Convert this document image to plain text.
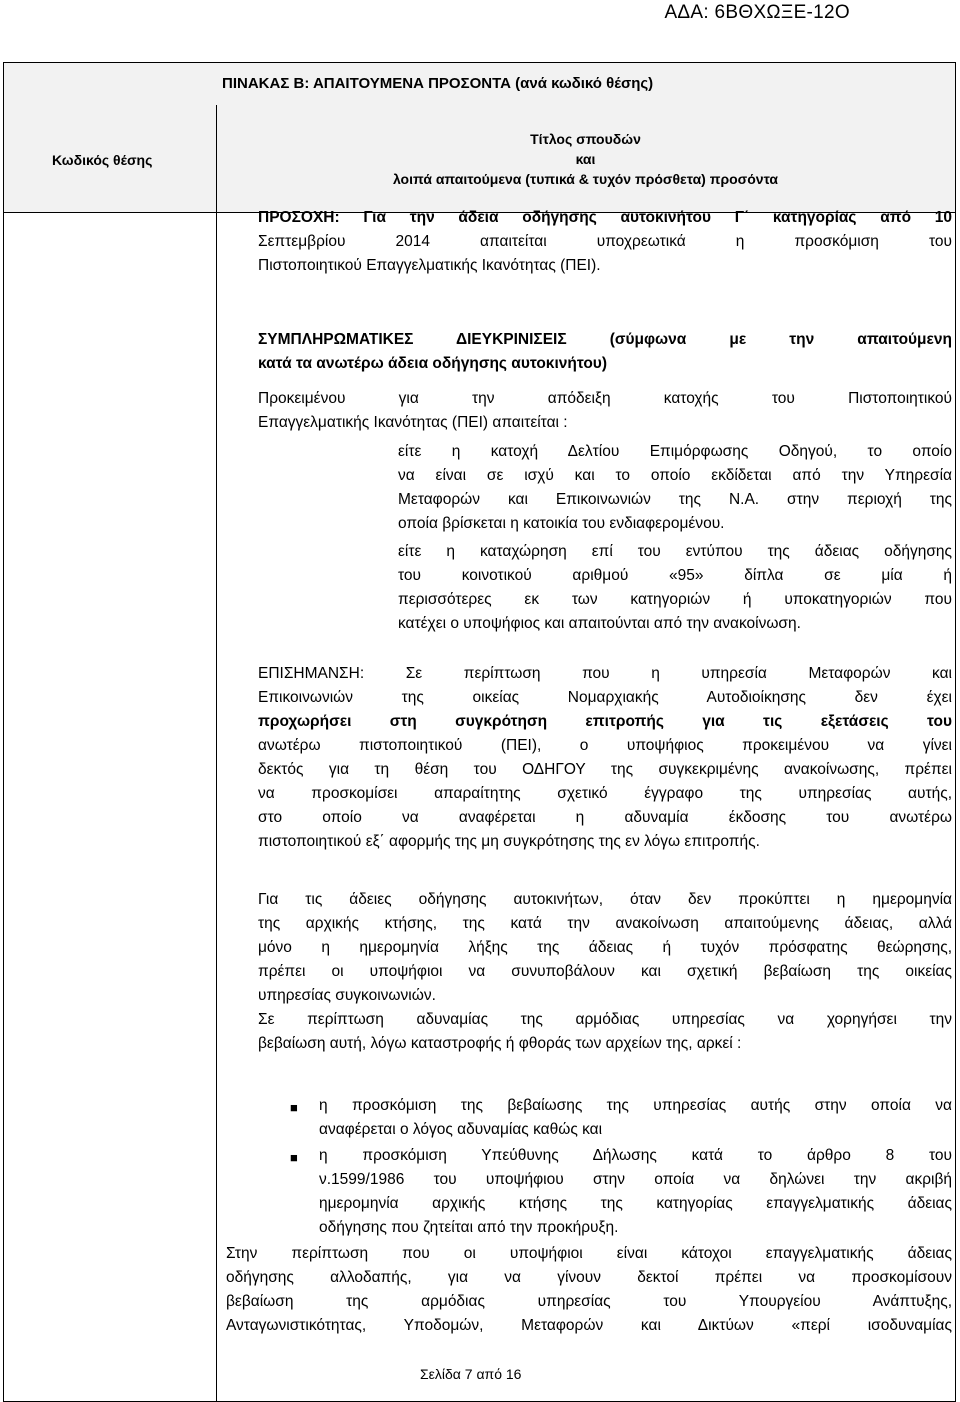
ΑΔΑ: 6ΒΘΧΩΞΕ-12Ο
ΠΙΝΑΚΑΣ Β: ΑΠΑΙΤΟΥΜΕΝΑ ΠΡΟΣΟΝΤΑ (ανά κωδικό θέσης)
Κωδικός θέσης
Τίτλος σπουδών
και
λοιπά απαιτούμενα (τυπικά & τυχόν πρόσθετα) προσόντα

ΠΡΟΣΟΧΗ: Για την άδεια οδήγησης αυτοκινήτου Γ΄ κατηγορίας από 10

Σεπτεμβρίου 2014 απαιτείται υποχρεωτικά η προσκόμιση του

Πιστοποιητικού Επαγγελματικής Ικανότητας (ΠΕΙ).

ΣΥΜΠΛΗΡΩΜΑΤΙΚΕΣ ΔΙΕΥΚΡΙΝΙΣΕΙΣ (σύμφωνα με την απαιτούμενη

κατά τα ανωτέρω άδεια οδήγησης αυτοκινήτου)

Προκειμένου για την απόδειξη κατοχής του Πιστοποιητικού

Επαγγελματικής Ικανότητας (ΠΕΙ) απαιτείται :

είτε η κατοχή Δελτίου Επιμόρφωσης Οδηγού, το οποίο

να είναι σε ισχύ και το οποίο εκδίδεται από την Υπηρεσία

Μεταφορών και Επικοινωνιών της Ν.Α. στην περιοχή της

οποία βρίσκεται η κατοικία του ενδιαφερομένου.

είτε η καταχώρηση επί του εντύπου της άδειας οδήγησης

του κοινοτικού αριθμού «95» δίπλα σε μία ή

περισσότερες εκ των κατηγοριών ή υποκατηγοριών που

κατέχει ο υποψήφιος και απαιτούνται από την ανακοίνωση.

ΕΠΙΣΗΜΑΝΣΗ: Σε περίπτωση που η υπηρεσία Μεταφορών και

Επικοινωνιών της οικείας Νομαρχιακής Αυτοδιοίκησης δεν έχει

προχωρήσει στη συγκρότηση επιτροπής για τις εξετάσεις του

ανωτέρω πιστοποιητικού (ΠΕΙ), ο υποψήφιος προκειμένου να γίνει

δεκτός για τη θέση του ΟΔΗΓΟΥ της συγκεκριμένης ανακοίνωσης, πρέπει

να προσκομίσει απαραίτητης σχετικό έγγραφο της υπηρεσίας αυτής,

στο οποίο να αναφέρεται η αδυναμία έκδοσης του ανωτέρω

πιστοποιητικού εξ΄ αφορμής της μη συγκρότησης της εν λόγω επιτροπής.

Για τις άδειες οδήγησης αυτοκινήτων, όταν δεν προκύπτει η ημερομηνία

της αρχικής κτήσης, της κατά την ανακοίνωση απαιτούμενης άδειας, αλλά

μόνο η ημερομηνία λήξης της άδειας ή τυχόν πρόσφατης θεώρησης,

πρέπει οι υποψήφιοι να συνυποβάλουν και σχετική βεβαίωση της οικείας

υπηρεσίας συγκοινωνιών.

Σε περίπτωση αδυναμίας της αρμόδιας υπηρεσίας να χορηγήσει την

βεβαίωση αυτή, λόγω καταστροφής ή φθοράς των αρχείων της, αρκεί :

■ η προσκόμιση της βεβαίωσης της υπηρεσίας αυτής στην οποία να

αναφέρεται ο λόγος αδυναμίας καθώς και

■ η προσκόμιση Υπεύθυνης Δήλωσης κατά το άρθρο 8 του

ν.1599/1986 του υποψήφιου στην οποία να δηλώνει την ακριβή

ημερομηνία αρχικής κτήσης της κατηγορίας επαγγελματικής άδειας

οδήγησης που ζητείται από την προκήρυξη.

Στην περίπτωση που οι υποψήφιοι είναι κάτοχοι επαγγελματικής άδειας

οδήγησης αλλοδαπής, για να γίνουν δεκτοί πρέπει να προσκομίσουν

βεβαίωση της αρμόδιας υπηρεσίας του Υπουργείου Ανάπτυξης,

Ανταγωνιστικότητας, Υποδομών, Μεταφορών και Δικτύων «περί ισοδυναμίας

Σελίδα 7 από 16
